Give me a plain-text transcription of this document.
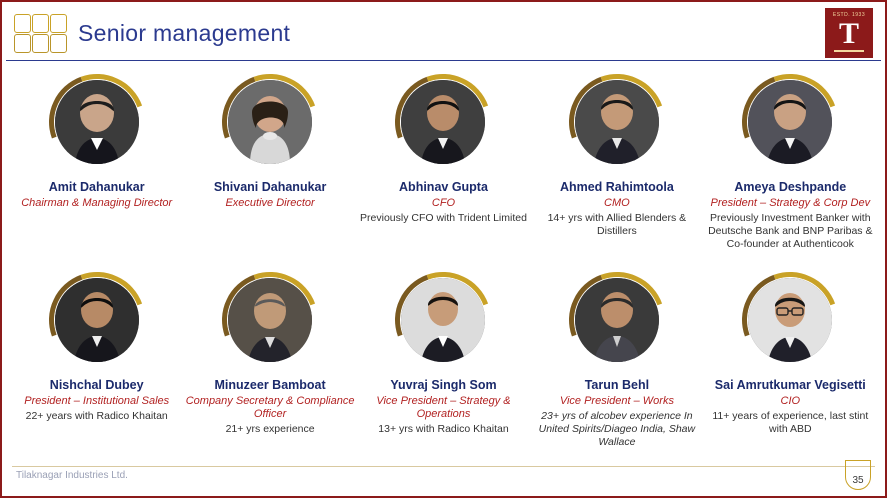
Senior management
ESTD. 1933
T
Amit Dahanukar
Chairman & Managing Director
Shivani Dahanukar
Executive Director
Abhinav Gupta
CFO
Previously CFO with Trident Limited
Ahmed Rahimtoola
CMO
14+ yrs with Allied Blenders & Distillers
Ameya Deshpande
President – Strategy & Corp Dev
Previously Investment Banker with Deutsche Bank and BNP Paribas & Co-founder at Authenticook
Nishchal Dubey
President – Institutional Sales
22+ years with Radico Khaitan
Minuzeer Bamboat
Company Secretary & Compliance Officer
21+ yrs experience
Yuvraj Singh Som
Vice President – Strategy & Operations
13+ yrs with Radico Khaitan
Tarun Behl
Vice President – Works
23+ yrs of alcobev experience In United Spirits/Diageo India, Shaw Wallace
Sai Amrutkumar Vegisetti
CIO
11+ years of experience, last stint with ABD
Tilaknagar Industries Ltd.	35
